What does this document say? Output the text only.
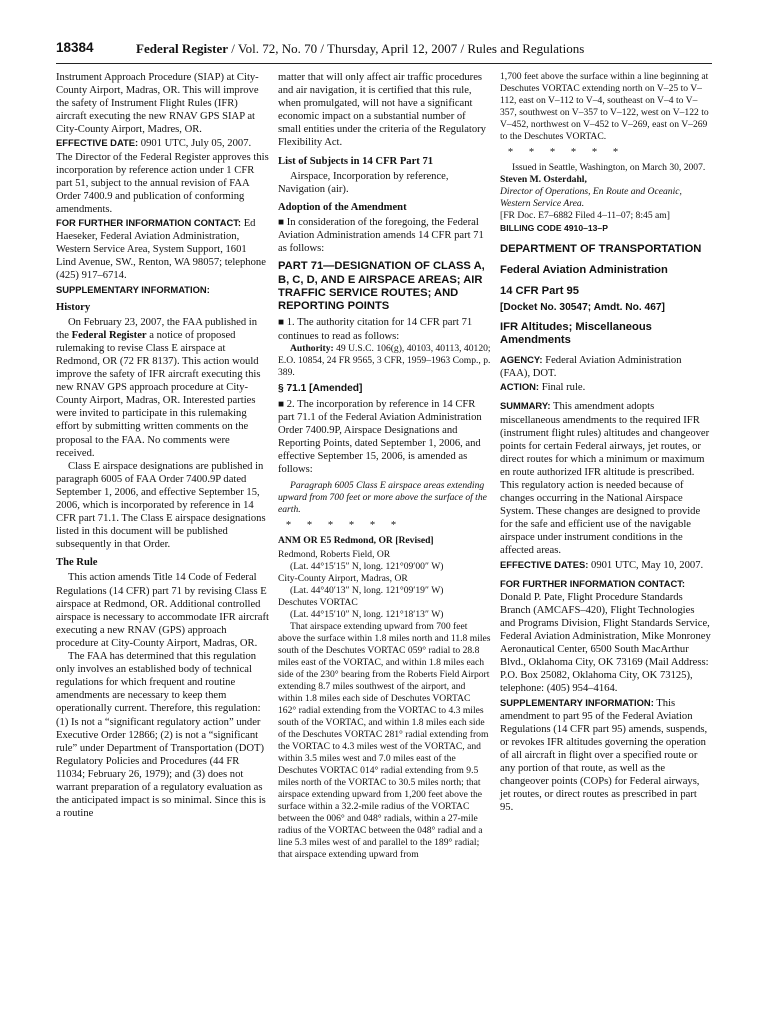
18384	Federal Register / Vol. 72, No. 70 / Thursday, April 12, 2007 / Rules and Regulations

Instrument Approach Procedure (SIAP) at City-County Airport, Madras, OR. This will improve the safety of Instrument Flight Rules (IFR) aircraft executing the new RNAV GPS SIAP at City-County Airport, Madres, OR.

EFFECTIVE DATE: 0901 UTC, July 05, 2007. The Director of the Federal Register approves this incorporation by reference action under 1 CFR part 51, subject to the annual revision of FAA Order 7400.9 and publication of conforming amendments.

FOR FURTHER INFORMATION CONTACT: Ed Haeseker, Federal Aviation Administration, Western Service Area, System Support, 1601 Lind Avenue, SW., Renton, WA 98057; telephone (425) 917–6714.

SUPPLEMENTARY INFORMATION:

History

On February 23, 2007, the FAA published in the Federal Register a notice of proposed rulemaking to revise Class E airspace at Redmond, OR (72 FR 8137). This action would improve the safety of IFR aircraft executing this new RNAV GPS approach procedure at City-County Airport, Madras, OR. Interested parties were invited to participate in this rulemaking effort by submitting written comments on the proposal to the FAA. No comments were received.

Class E airspace designations are published in paragraph 6005 of FAA Order 7400.9P dated September 1, 2006, and effective September 15, 2006, which is incorporated by reference in 14 CFR part 71.1. The Class E airspace designations listed in this document will be published subsequently in that Order.

The Rule

This action amends Title 14 Code of Federal Regulations (14 CFR) part 71 by revising Class E airspace at Redmond, OR. Additional controlled airspace is necessary to accommodate IFR aircraft executing a new RNAV (GPS) approach procedure at City-County Airport, Madras, OR.

The FAA has determined that this regulation only involves an established body of technical regulations for which frequent and routine amendments are necessary to keep them operationally current. Therefore, this regulation: (1) Is not a “significant regulatory action” under Executive Order 12866; (2) is not a “significant rule” under Department of Transportation (DOT) Regulatory Policies and Procedures (44 FR 11034; February 26, 1979); and (3) does not warrant preparation of a regulatory evaluation as the anticipated impact is so minimal. Since this is a routine

matter that will only affect air traffic procedures and air navigation, it is certified that this rule, when promulgated, will not have a significant economic impact on a substantial number of small entities under the criteria of the Regulatory Flexibility Act.

List of Subjects in 14 CFR Part 71

Airspace, Incorporation by reference, Navigation (air).

Adoption of the Amendment

■ In consideration of the foregoing, the Federal Aviation Administration amends 14 CFR part 71 as follows:

PART 71—DESIGNATION OF CLASS A, B, C, D, AND E AIRSPACE AREAS; AIR TRAFFIC SERVICE ROUTES; AND REPORTING POINTS

■ 1. The authority citation for 14 CFR part 71 continues to read as follows:

Authority: 49 U.S.C. 106(g), 40103, 40113, 40120; E.O. 10854, 24 FR 9565, 3 CFR, 1959–1963 Comp., p. 389.

§ 71.1 [Amended]

■ 2. The incorporation by reference in 14 CFR part 71.1 of the Federal Aviation Administration Order 7400.9P, Airspace Designations and Reporting Points, dated September 1, 2006, and effective September 15, 2006, is amended as follows:

Paragraph 6005 Class E airspace areas extending upward from 700 feet or more above the surface of the earth.

* * * * * *

ANM OR E5 Redmond, OR [Revised]

Redmond, Roberts Field, OR

(Lat. 44°15′15″ N, long. 121°09′00″ W)

City-County Airport, Madras, OR

(Lat. 44°40′13″ N, long. 121°09′19″ W)

Deschutes VORTAC

(Lat. 44°15′10″ N, long. 121°18′13″ W)

That airspace extending upward from 700 feet above the surface within 1.8 miles north and 11.8 miles south of the Deschutes VORTAC 059° radial to 28.8 miles east of the VORTAC, and within 1.8 miles each side of the 230° bearing from the Roberts Field Airport extending 8.7 miles southwest of the airport, and within 1.8 miles each side of Deschutes VORTAC 162° radial extending from the VORTAC to 4.3 miles south of the VORTAC, and within 1.8 miles each side of the Deschutes VORTAC 281° radial extending from the VORTAC to 4.3 miles west of the VORTAC, and within 3.5 miles west and 7.0 miles east of the Deschutes VORTAC 014° radial extending from 9.5 miles north of the VORTAC to 30.5 miles north; that airspace extending upward from 1,200 feet above the surface within a 32.2-mile radius of the VORTAC between the 006° and 048° radials, within a 27-mile radius of the VORTAC between the 048° radial and a line 5.3 miles west of and parallel to the 189° radial; that airspace extending upward from

1,700 feet above the surface within a line beginning at Deschutes VORTAC extending north on V–25 to V–112, east on V–112 to V–4, southeast on V–4 to V–357, southwest on V–357 to V–122, west on V–122 to V–452, northwest on V–452 to V–269, east on V–269 to the Deschutes VORTAC.

* * * * * *

Issued in Seattle, Washington, on March 30, 2007.

Steven M. Osterdahl,

Director of Operations, En Route and Oceanic, Western Service Area.

[FR Doc. E7–6882 Filed 4–11–07; 8:45 am]

BILLING CODE 4910–13–P

DEPARTMENT OF TRANSPORTATION

Federal Aviation Administration

14 CFR Part 95

[Docket No. 30547; Amdt. No. 467]

IFR Altitudes; Miscellaneous Amendments

AGENCY: Federal Aviation Administration (FAA), DOT.

ACTION: Final rule.

SUMMARY: This amendment adopts miscellaneous amendments to the required IFR (instrument flight rules) altitudes and changeover points for certain Federal airways, jet routes, or direct routes for which a minimum or maximum en route authorized IFR altitude is prescribed. This regulatory action is needed because of changes occurring in the National Airspace System. These changes are designed to provide for the safe and efficient use of the navigable airspace under instrument conditions in the affected areas.

EFFECTIVE DATES: 0901 UTC, May 10, 2007.

FOR FURTHER INFORMATION CONTACT: Donald P. Pate, Flight Procedure Standards Branch (AMCAFS–420), Flight Technologies and Programs Division, Flight Standards Service, Federal Aviation Administration, Mike Monroney Aeronautical Center, 6500 South MacArthur Blvd., Oklahoma City, OK 73169 (Mail Address: P.O. Box 25082, Oklahoma City, OK 73125), telephone: (405) 954–4164.

SUPPLEMENTARY INFORMATION: This amendment to part 95 of the Federal Aviation Regulations (14 CFR part 95) amends, suspends, or revokes IFR altitudes governing the operation of all aircraft in flight over a specified route or any portion of that route, as well as the changeover points (COPs) for Federal airways, jet routes, or direct routes as prescribed in part 95.
